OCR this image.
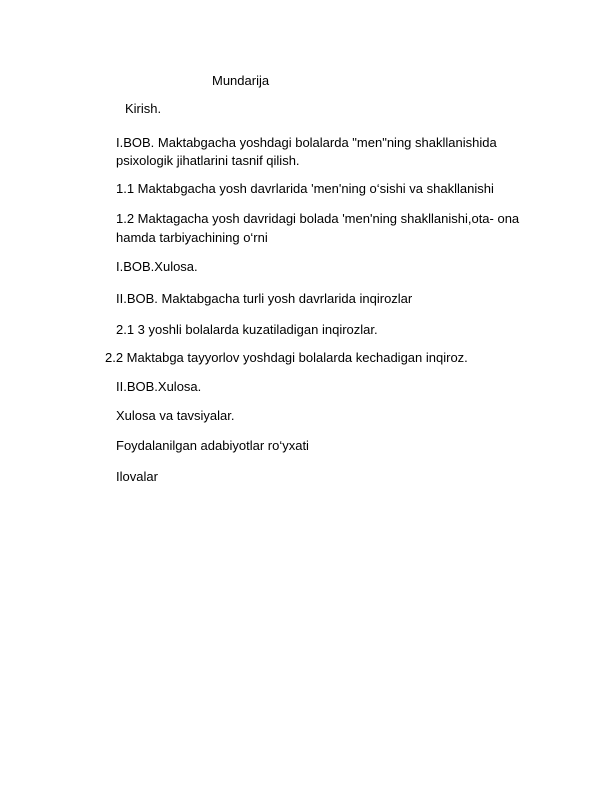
Mundarija
Kirish.
I.BOB. Maktabgacha yoshdagi bolalarda "men"ning shakllanishida
psixologik jihatlarini tasnif qilish.
1.1 Maktabgacha yosh davrlarida 'men'ning o‘sishi va shakllanishi
1.2 Maktagacha yosh davridagi bolada 'men'ning shakllanishi,ota- ona
hamda tarbiyachining o‘rni
I.BOB.Xulosa.
II.BOB. Maktabgacha turli yosh davrlarida inqirozlar
2.1 3 yoshli bolalarda kuzatiladigan inqirozlar.
2.2 Maktabga tayyorlov yoshdagi bolalarda kechadigan inqiroz.
II.BOB.Xulosa.
Xulosa va tavsiyalar.
Foydalanilgan adabiyotlar ro‘yxati
Ilovalar
